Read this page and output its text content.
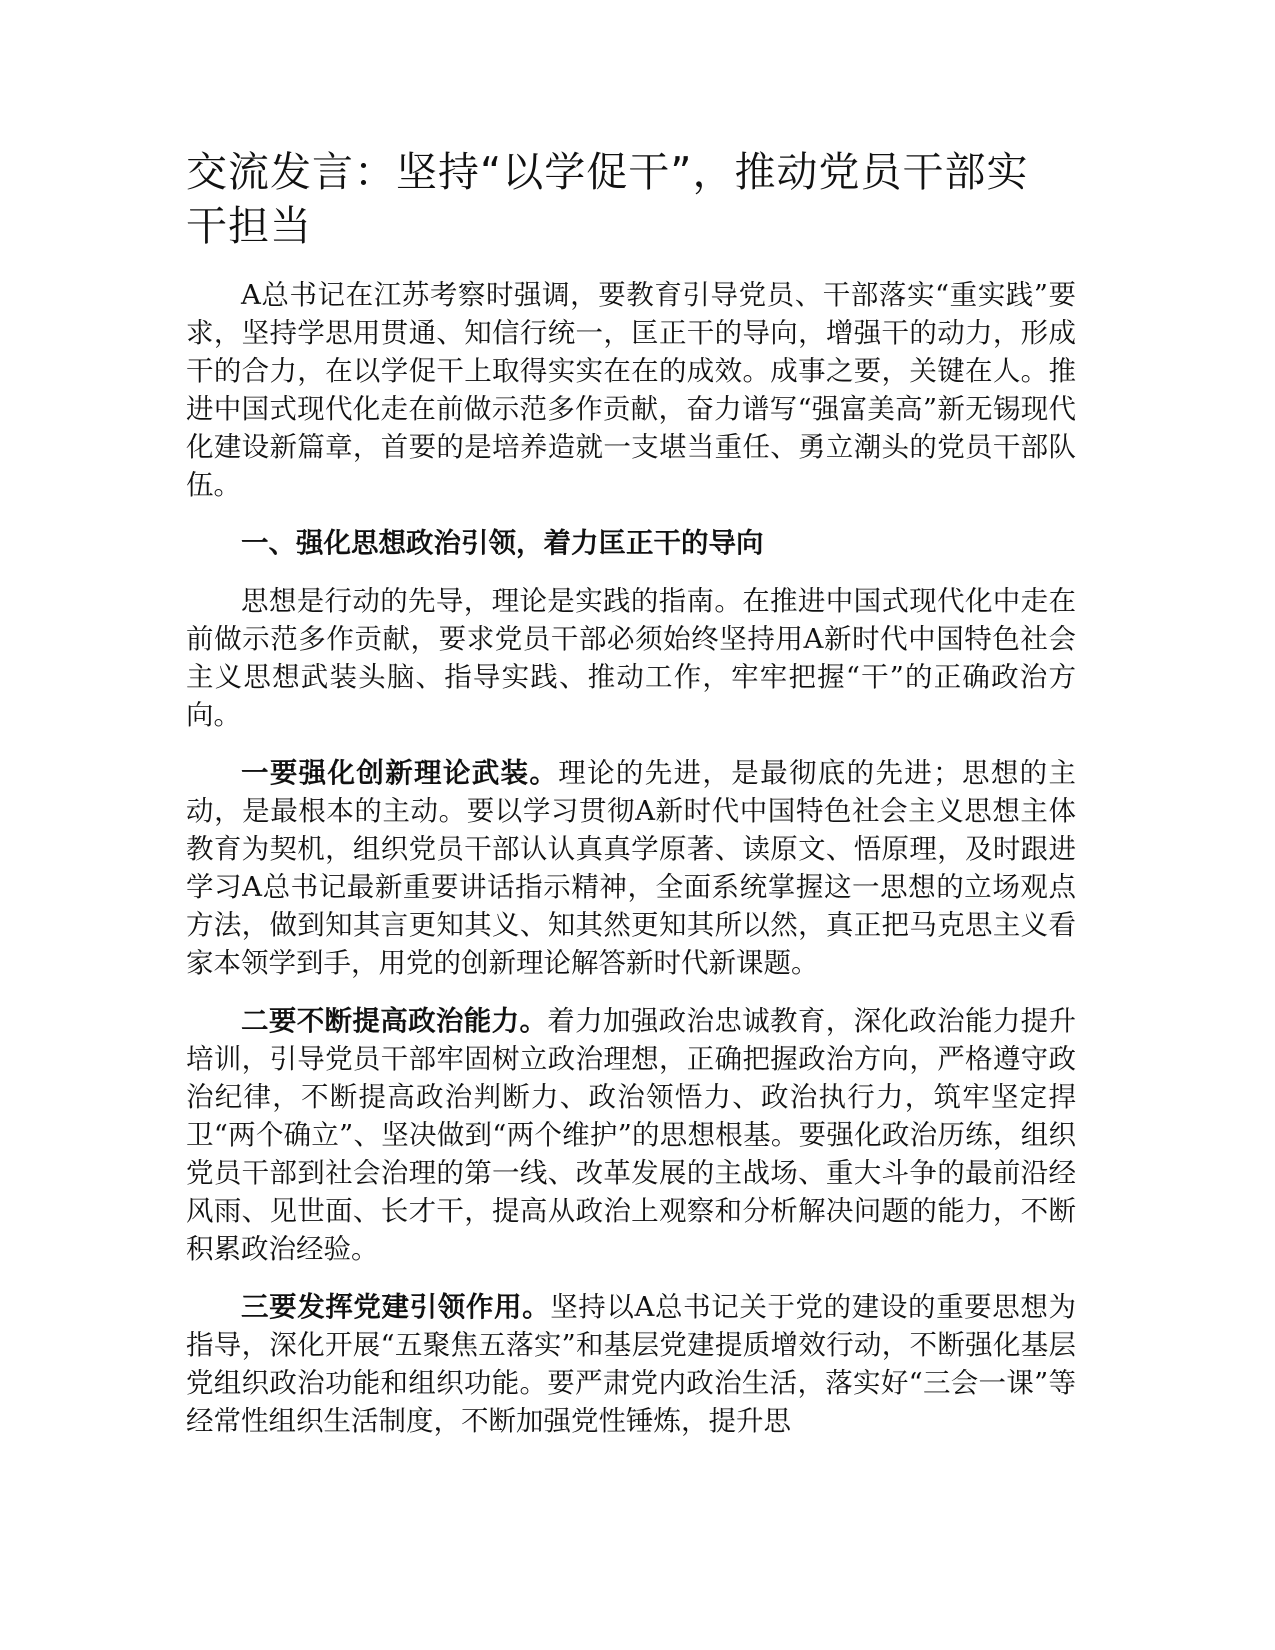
交流发言：坚持“以学促干”，推动党员干部实干担当

A总书记在江苏考察时强调，要教育引导党员、干部落实“重实践”要求，坚持学思用贯通、知信行统一，匡正干的导向，增强干的动力，形成干的合力，在以学促干上取得实实在在的成效。成事之要，关键在人。推进中国式现代化走在前做示范多作贡献，奋力谱写“强富美高”新无锡现代化建设新篇章，首要的是培养造就一支堪当重任、勇立潮头的党员干部队伍。

一、强化思想政治引领，着力匡正干的导向

思想是行动的先导，理论是实践的指南。在推进中国式现代化中走在前做示范多作贡献，要求党员干部必须始终坚持用A新时代中国特色社会主义思想武装头脑、指导实践、推动工作，牢牢把握“干”的正确政治方向。

一要强化创新理论武装。理论的先进，是最彻底的先进；思想的主动，是最根本的主动。要以学习贯彻A新时代中国特色社会主义思想主体教育为契机，组织党员干部认认真真学原著、读原文、悟原理，及时跟进学习A总书记最新重要讲话指示精神，全面系统掌握这一思想的立场观点方法，做到知其言更知其义、知其然更知其所以然，真正把马克思主义看家本领学到手，用党的创新理论解答新时代新课题。

二要不断提高政治能力。着力加强政治忠诚教育，深化政治能力提升培训，引导党员干部牢固树立政治理想，正确把握政治方向，严格遵守政治纪律，不断提高政治判断力、政治领悟力、政治执行力，筑牢坚定捍卫“两个确立”、坚决做到“两个维护”的思想根基。要强化政治历练，组织党员干部到社会治理的第一线、改革发展的主战场、重大斗争的最前沿经风雨、见世面、长才干，提高从政治上观察和分析解决问题的能力，不断积累政治经验。

三要发挥党建引领作用。坚持以A总书记关于党的建设的重要思想为指导，深化开展“五聚焦五落实”和基层党建提质增效行动，不断强化基层党组织政治功能和组织功能。要严肃党内政治生活，落实好“三会一课”等经常性组织生活制度，不断加强党性锤炼，提升思
